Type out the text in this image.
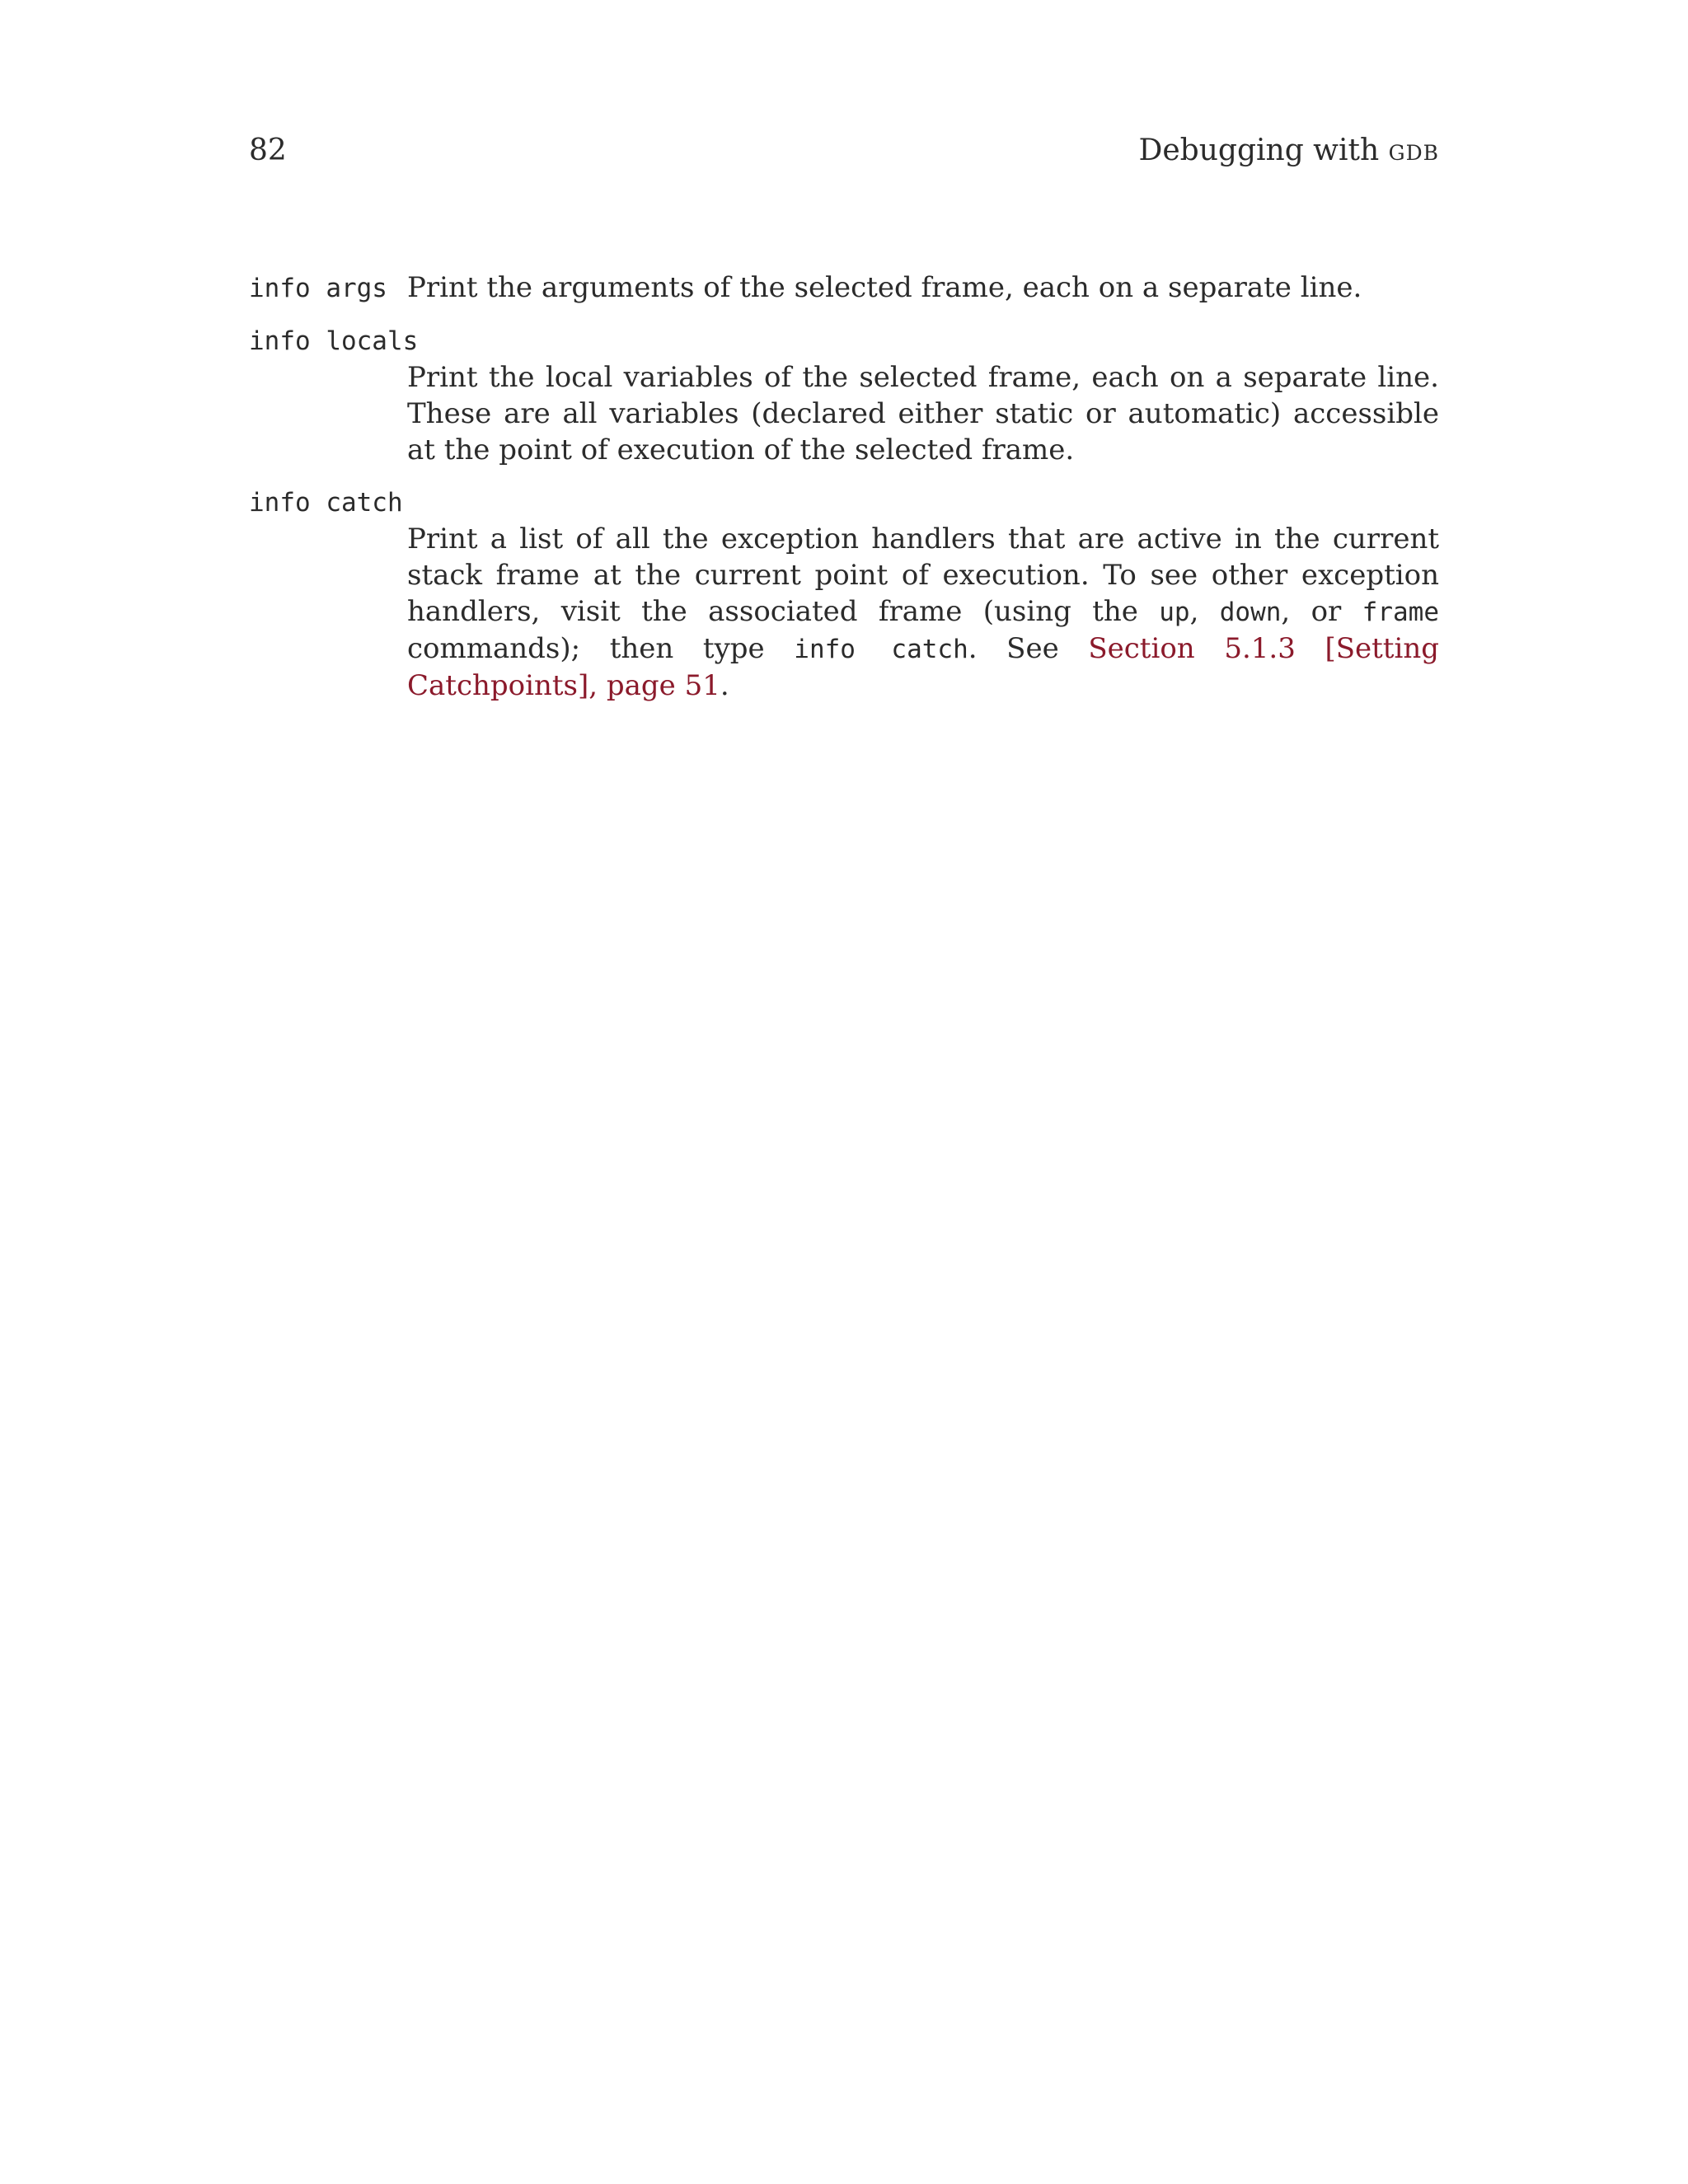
82	Debugging with gdb
info args Print the arguments of the selected frame, each on a separate line.
info locals
Print the local variables of the selected frame, each on a separate line. These are all variables (declared either static or automatic) accessible at the point of execution of the selected frame.
info catch
Print a list of all the exception handlers that are active in the current stack frame at the current point of execution. To see other exception handlers, visit the associated frame (using the up, down, or frame commands); then type info catch. See Section 5.1.3 [Setting Catchpoints], page 51.
